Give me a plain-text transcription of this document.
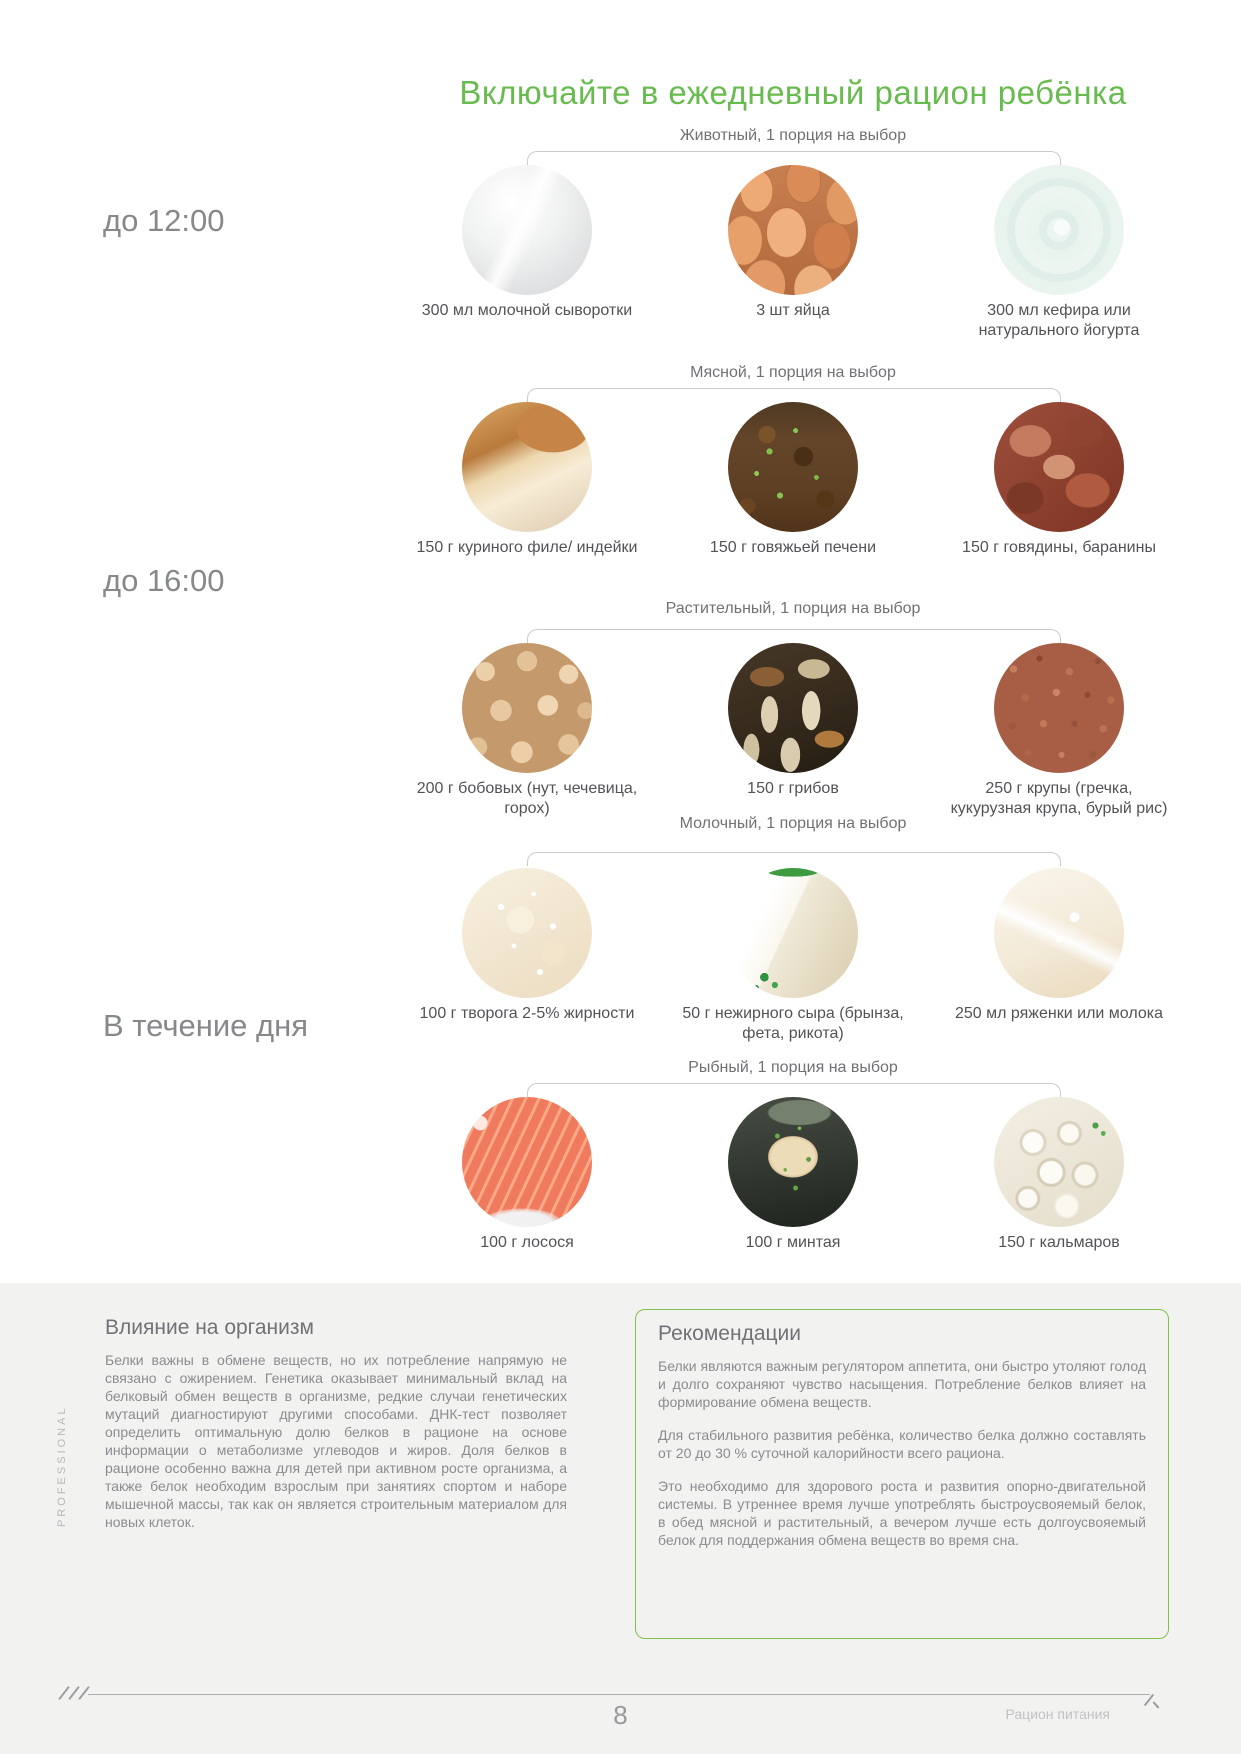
Включайте в ежедневный рацион ребёнка
до 12:00
до 16:00
В течение дня
Животный, 1 порция на выбор
300 мл молочной сыворотки	3 шт яйца	300 мл кефира или натурального йогурта
Мясной, 1 порция на выбор
150 г куриного филе/ индейки	150 г говяжьей печени	150 г говядины, баранины
Растительный, 1 порция на выбор
200 г бобовых (нут, чечевица, горох)
150 г грибов	250 г крупы (гречка, кукурузная крупа, бурый рис)
Молочный, 1 порция на выбор
100 г творога 2-5% жирности	50 г нежирного сыра (брынза, фета, рикота)
250 мл ряженки или молока
Рыбный, 1 порция на выбор
100 г лосося	100 г минтая	150 г кальмаров
PROFESSIONAL
Влияние на организм
Белки важны в обмене веществ, но их потребление напрямую не связано с ожирением. Генетика оказывает минимальный вклад на белковый обмен веществ в организме, редкие случаи генетических мутаций диагностируют другими способами. ДНК-тест позволяет определить оптимальную долю белков в рационе на основе информации о метаболизме углеводов и жиров. Доля белков в рационе особенно важна для детей при активном росте организма, а также белок необходим взрослым при занятиях спортом и наборе мышечной массы, так как он является строительным материалом для новых клеток.
Рекомендации

Белки являются важным регулятором аппетита, они быстро утоляют голод и долго сохраняют чувство насыщения. Потребление белков влияет на формирование обмена веществ.

Для стабильного развития ребёнка, количество белка должно составлять от 20 до 30 % суточной калорийности всего рациона.

Это необходимо для здорового роста и развития опорно-двигательной системы. В утреннее время лучше употреблять быстроусвояемый белок, в обед мясной и растительный, а вечером лучше есть долгоусвояемый белок для поддержания обмена веществ во время сна.

8	Рацион питания
